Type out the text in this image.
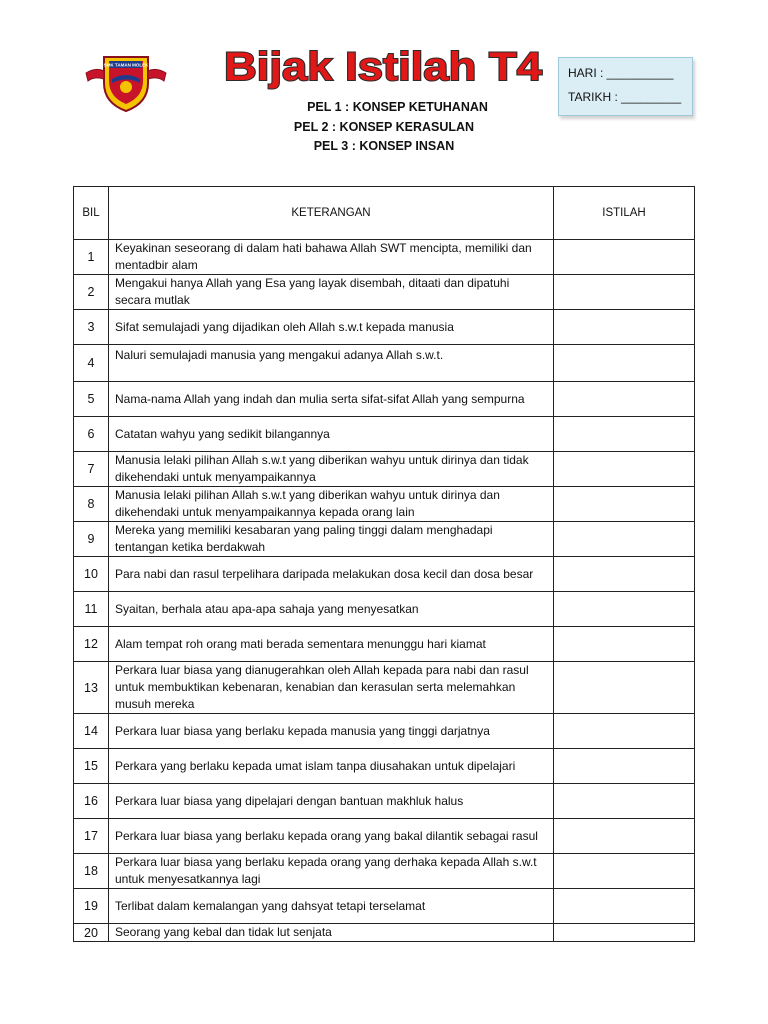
SMK TAMAN MOLEK Bijak Istilah T4 HARI : __________
TARIKH : _________
PEL 1 : KONSEP KETUHANAN
PEL 2 : KONSEP KERASULAN
PEL 3 : KONSEP INSAN
BIL	KETERANGAN	ISTILAH
1	Keyakinan seseorang di dalam hati bahawa Allah SWT mencipta, memiliki dan mentadbir alam	
2	Mengakui hanya Allah yang Esa yang layak disembah, ditaati dan dipatuhi secara mutlak	
3	Sifat semulajadi yang dijadikan oleh Allah s.w.t kepada manusia	
4	Naluri semulajadi manusia yang mengakui adanya Allah s.w.t.	
5	Nama-nama Allah yang indah dan mulia serta sifat-sifat Allah yang sempurna	
6	Catatan wahyu yang sedikit bilangannya	
7	Manusia lelaki pilihan Allah s.w.t yang diberikan wahyu untuk dirinya dan tidak dikehendaki untuk menyampaikannya	
8	Manusia lelaki pilihan Allah s.w.t yang diberikan wahyu untuk dirinya dan dikehendaki untuk menyampaikannya kepada orang lain	
9	Mereka yang memiliki kesabaran yang paling tinggi dalam menghadapi tentangan ketika berdakwah	
10	Para nabi dan rasul terpelihara daripada melakukan dosa kecil dan dosa besar	
11	Syaitan, berhala atau apa-apa sahaja yang menyesatkan	
12	Alam tempat roh orang mati berada sementara menunggu hari kiamat	
13	Perkara luar biasa yang dianugerahkan oleh Allah kepada para nabi dan rasul untuk membuktikan kebenaran, kenabian dan kerasulan serta melemahkan musuh mereka	
14	Perkara luar biasa yang berlaku kepada manusia yang tinggi darjatnya	
15	Perkara yang berlaku kepada umat islam tanpa diusahakan untuk dipelajari	
16	Perkara luar biasa yang dipelajari dengan bantuan makhluk halus	
17	Perkara luar biasa yang berlaku kepada orang yang bakal dilantik sebagai rasul	
18	Perkara luar biasa yang berlaku kepada orang yang derhaka kepada Allah s.w.t untuk menyesatkannya lagi	
19	Terlibat dalam kemalangan yang dahsyat tetapi terselamat	
20	Seorang yang kebal dan tidak lut senjata	
